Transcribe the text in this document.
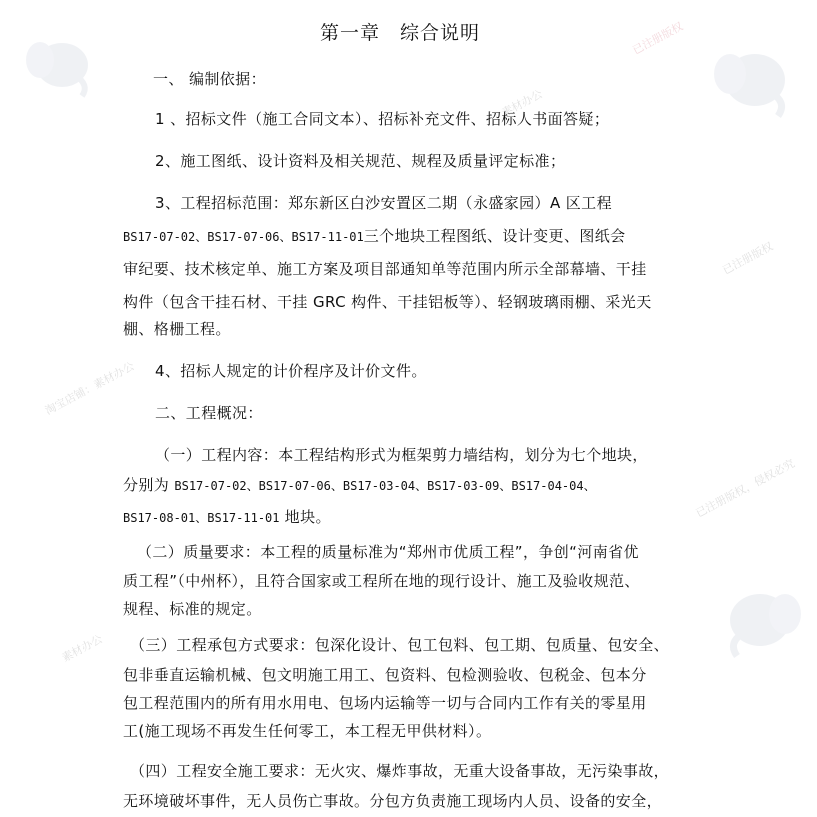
已注册版权
素材办公
淘宝店铺：素材办公
已注册版权，侵权必究
素材办公
已注册版权
第一章　综合说明
一、 编制依据：
1 、招标文件（施工合同文本）、招标补充文件、招标人书面答疑；
2、施工图纸、设计资料及相关规范、规程及质量评定标准；
3、工程招标范围：郑东新区白沙安置区二期（永盛家园）A 区工程
BS17-07-02、BS17-07-06、BS17-11-01三个地块工程图纸、设计变更、图纸会
审纪要、技术核定单、施工方案及项目部通知单等范围内所示全部幕墙、干挂
构件（包含干挂石材、干挂 GRC 构件、干挂铝板等）、轻钢玻璃雨棚、采光天
棚、格栅工程。
4、招标人规定的计价程序及计价文件。
二、工程概况：
（一）工程内容：本工程结构形式为框架剪力墙结构，划分为七个地块，
分别为 BS17-07-02、BS17-07-06、BS17-03-04、BS17-03-09、BS17-04-04、
BS17-08-01、BS17-11-01 地块。
（二）质量要求：本工程的质量标准为“郑州市优质工程”，争创“河南省优
质工程”（中州杯），且符合国家或工程所在地的现行设计、施工及验收规范、
规程、标准的规定。
（三）工程承包方式要求：包深化设计、包工包料、包工期、包质量、包安全、
包非垂直运输机械、包文明施工用工、包资料、包检测验收、包税金、包本分
包工程范围内的所有用水用电、包场内运输等一切与合同内工作有关的零星用
工(施工现场不再发生任何零工，本工程无甲供材料）。
（四）工程安全施工要求：无火灾、爆炸事故，无重大设备事故，无污染事故，
无环境破坏事件，无人员伤亡事故。分包方负责施工现场内人员、设备的安全，
